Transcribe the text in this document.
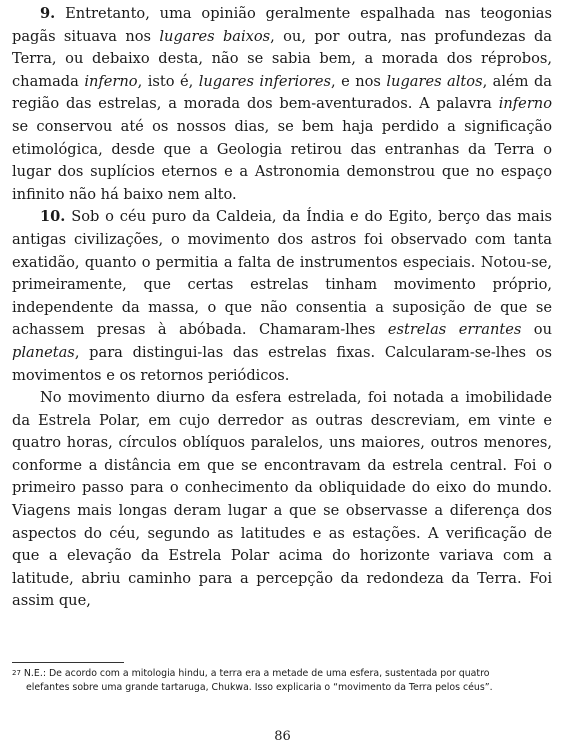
9. Entretanto, uma opinião geralmente espalhada nas teogonias pagãs situava nos lugares baixos, ou, por outra, nas profundezas da Terra, ou debaixo desta, não se sabia bem, a morada dos réprobos, chamada inferno, isto é, lugares inferiores, e nos lugares altos, além da região das estrelas, a morada dos bem-aventurados. A palavra inferno se conservou até os nossos dias, se bem haja perdido a significação etimológica, desde que a Geologia retirou das entranhas da Terra o lugar dos suplícios eternos e a Astronomia demonstrou que no espaço infinito não há baixo nem alto.

10. Sob o céu puro da Caldeia, da Índia e do Egito, berço das mais antigas civilizações, o movimento dos astros foi observado com tanta exatidão, quanto o permitia a falta de instrumentos especiais. Notou-se, primeiramente, que certas estrelas tinham movimento próprio, independente da massa, o que não consentia a suposição de que se achassem presas à abóbada. Chamaram-lhes estrelas errantes ou planetas, para distingui-las das estrelas fixas. Calcularam-se-lhes os movimentos e os retornos periódicos.

No movimento diurno da esfera estrelada, foi notada a imobilidade da Estrela Polar, em cujo derredor as outras descreviam, em vinte e quatro horas, círculos oblíquos paralelos, uns maiores, outros menores, conforme a distância em que se encontravam da estrela central. Foi o primeiro passo para o conhecimento da obliquidade do eixo do mundo. Viagens mais longas deram lugar a que se observasse a diferença dos aspectos do céu, segundo as latitudes e as estações. A verificação de que a elevação da Estrela Polar acima do horizonte variava com a latitude, abriu caminho para a percepção da redondeza da Terra. Foi assim que,

$^{27}$ N.E.: De acordo com a mitologia hindu, a terra era a metade de uma esfera, sustentada por quatro
elefantes sobre uma grande tartaruga, Chukwa. Isso explicaria o “movimento da Terra pelos céus”.
86
